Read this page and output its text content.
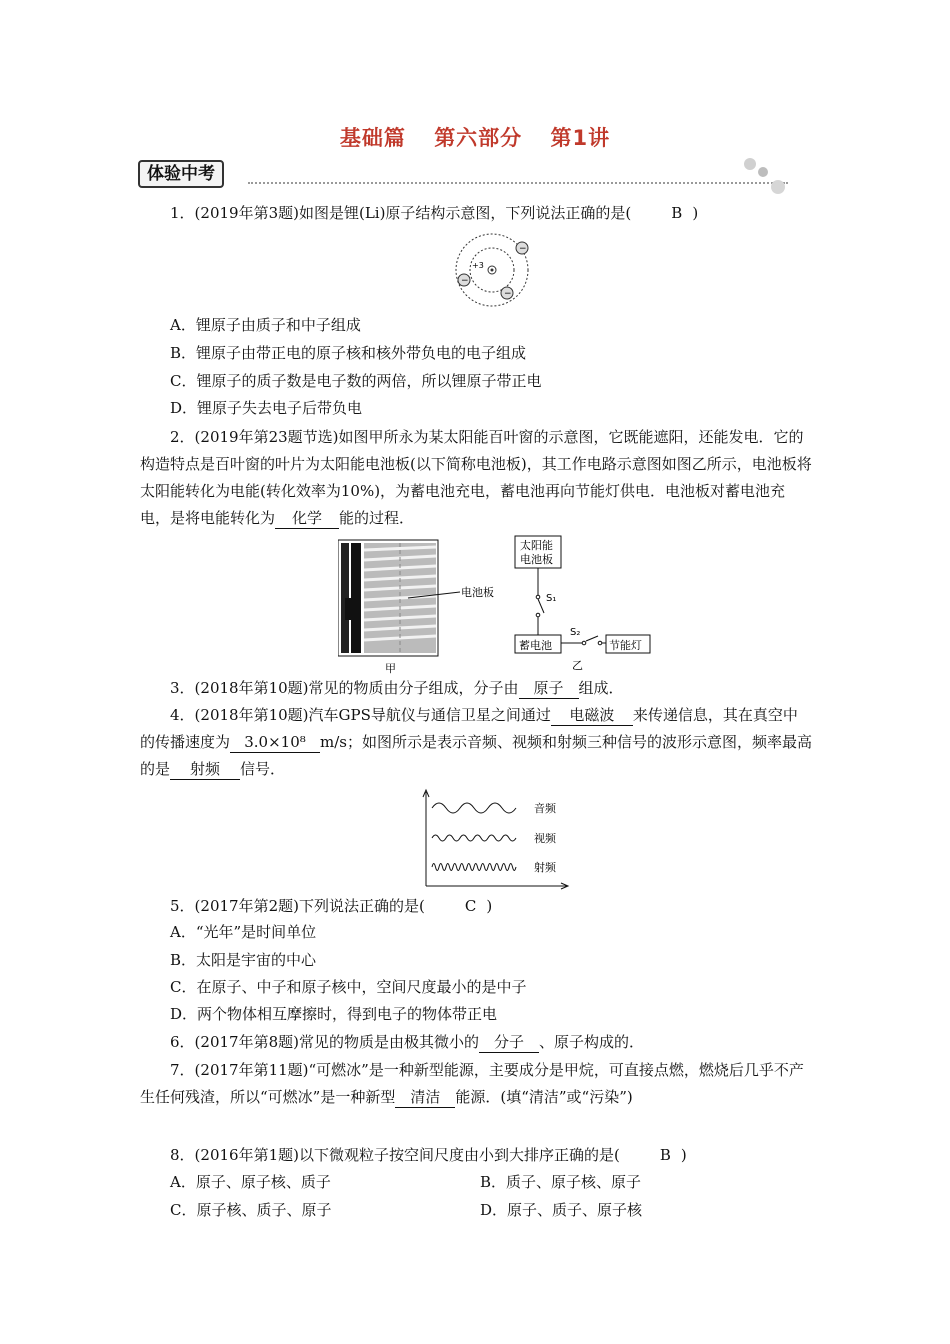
基础篇 第六部分 第1讲
体验中考
1．(2019年第3题)如图是锂(Li)原子结构示意图，下列说法正确的是(	B )
+3
−
−
−
A．锂原子由质子和中子组成
B．锂原子由带正电的原子核和核外带负电的电子组成
C．锂原子的质子数是电子数的两倍，所以锂原子带正电
D．锂原子失去电子后带负电
2．(2019年第23题节选)如图甲所永为某太阳能百叶窗的示意图，它既能遮阳，还能发电．它的构造特点是百叶窗的叶片为太阳能电池板(以下简称电池板)，其工作电路示意图如图乙所示，电池板将太阳能转化为电能(转化效率为10%)，为蓄电池充电，蓄电池再向节能灯供电．电池板对蓄电池充电，是将电能转化为 化学 能的过程．
电池板
甲
太阳能
电池板
S₁
蓄电池
S₂
节能灯
乙
3．(2018年第10题)常见的物质由分子组成，分子由 原子 组成．
4．(2018年第10题)汽车GPS导航仪与通信卫星之间通过 电磁波 来传递信息，其在真空中的传播速度为 3.0×10⁸ m/s；如图所示是表示音频、视频和射频三种信号的波形示意图，频率最高的是 射频 信号．
音频
视频
射频
5．(2017年第2题)下列说法正确的是(	C )
A．“光年”是时间单位
B．太阳是宇宙的中心
C．在原子、中子和原子核中，空间尺度最小的是中子
D．两个物体相互摩擦时，得到电子的物体带正电
6．(2017年第8题)常见的物质是由极其微小的 分子 、原子构成的．
7．(2017年第11题)“可燃冰”是一种新型能源，主要成分是甲烷，可直接点燃，燃烧后几乎不产生任何残渣，所以“可燃冰”是一种新型 清洁 能源．(填“清洁”或“污染”)
8．(2016年第1题)以下微观粒子按空间尺度由小到大排序正确的是(	B )
A．原子、原子核、质子	B．质子、原子核、原子
C．原子核、质子、原子	D．原子、质子、原子核
